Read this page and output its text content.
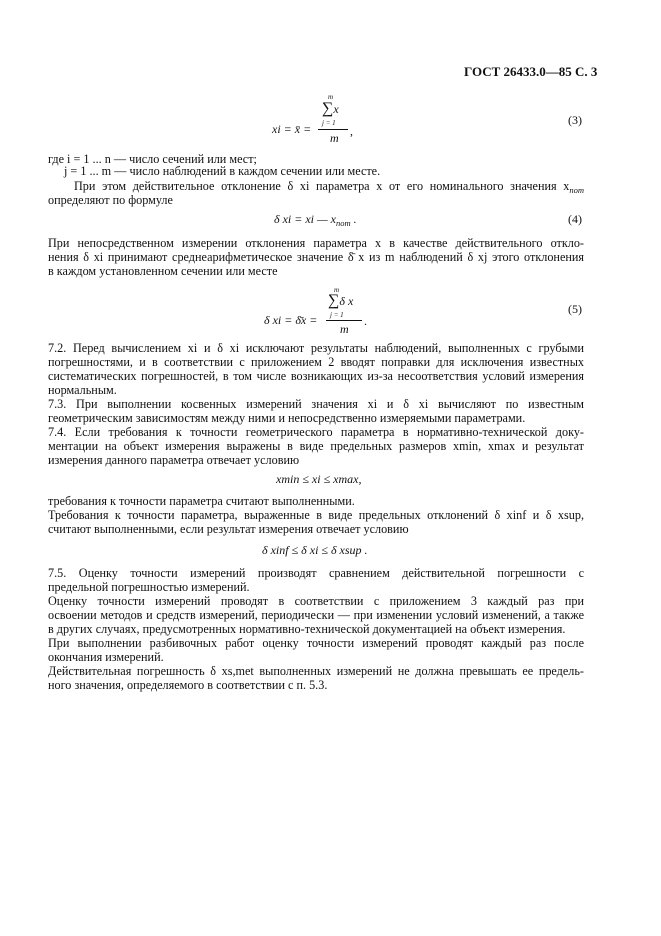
ГОСТ 26433.0—85 С. 3
m
∑x
j = 1
xi = x̄ =
m ,
(3)
где i = 1 ... n — число сечений или мест;
j = 1 ... m — число наблюдений в каждом сечении или месте.
При этом действительное отклонение δ xi параметра x от его номинального значения $x_{nom}$
определяют по формуле
δ xi = xi — $x_{nom}$ .	(4)
При непосредственном измерении отклонения параметра x в качестве действительного откло-
нения δ xi принимают среднеарифметическое значение δ̄ x из m наблюдений δ xj этого отклонения
в каждом установленном сечении или месте
m
∑δ x
j = 1
δ xi = δ̄x =
m
.
(5)
7.2. Перед вычислением xi и δ xi исключают результаты наблюдений, выполненных с грубыми
погрешностями, и в соответствии с приложением 2 вводят поправки для исключения известных
систематических погрешностей, в том числе возникающих из-за несоответствия условий измерения
нормальным.
7.3. При выполнении косвенных измерений значения xi и δ xi вычисляют по известным
геометрическим зависимостям между ними и непосредственно измеряемыми параметрами.
7.4. Если требования к точности геометрического параметра в нормативно-технической доку-
ментации на объект измерения выражены в виде предельных размеров xmin, xmax и результат
измерения данного параметра отвечает условию
xmin ≤ xi ≤ xmax,
требования к точности параметра считают выполненными.
Требования к точности параметра, выраженные в виде предельных отклонений δ xinf и δ xsup,
считают выполненными, если результат измерения отвечает условию
δ xinf ≤ δ xi ≤ δ xsup .
7.5. Оценку точности измерений производят сравнением действительной погрешности с
предельной погрешностью измерений.
Оценку точности измерений проводят в соответствии с приложением 3 каждый раз при
освоении методов и средств измерений, периодически — при изменении условий изменений, а также
в других случаях, предусмотренных нормативно-технической документацией на объект измерения.
При выполнении разбивочных работ оценку точности измерений проводят каждый раз после
окончания измерений.
Действительная погрешность δ xs,met выполненных измерений не должна превышать ее предель-
ного значения, определяемого в соответствии с п. 5.3.
